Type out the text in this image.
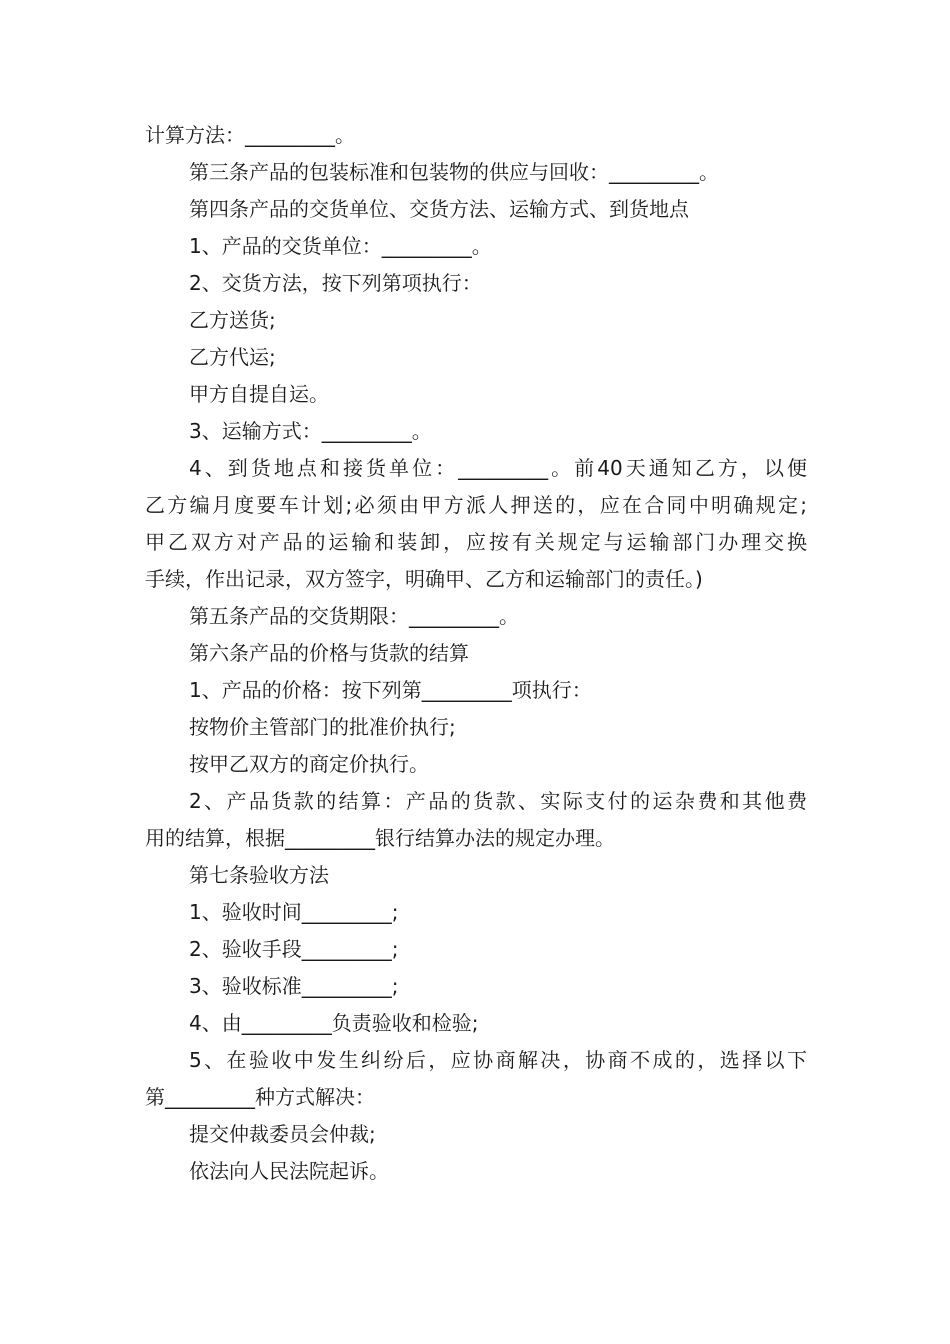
计算方法：_________。
第三条产品的包装标准和包装物的供应与回收：_________。
第四条产品的交货单位、交货方法、运输方式、到货地点
1、产品的交货单位：_________。
2、交货方法，按下列第项执行：
乙方送货;
乙方代运;
甲方自提自运。
3、运输方式：_________。
4、到货地点和接货单位：_________。前40天通知乙方，以便
乙方编月度要车计划;必须由甲方派人押送的，应在合同中明确规定;
甲乙双方对产品的运输和装卸，应按有关规定与运输部门办理交换
手续，作出记录，双方签字，明确甲、乙方和运输部门的责任。)
第五条产品的交货期限：_________。
第六条产品的价格与货款的结算
1、产品的价格：按下列第_________项执行：
按物价主管部门的批准价执行;
按甲乙双方的商定价执行。
2、产品货款的结算：产品的货款、实际支付的运杂费和其他费
用的结算，根据_________银行结算办法的规定办理。
第七条验收方法
1、验收时间_________;
2、验收手段_________;
3、验收标准_________;
4、由_________负责验收和检验;
5、在验收中发生纠纷后，应协商解决，协商不成的，选择以下
第_________种方式解决：
提交仲裁委员会仲裁;
依法向人民法院起诉。
